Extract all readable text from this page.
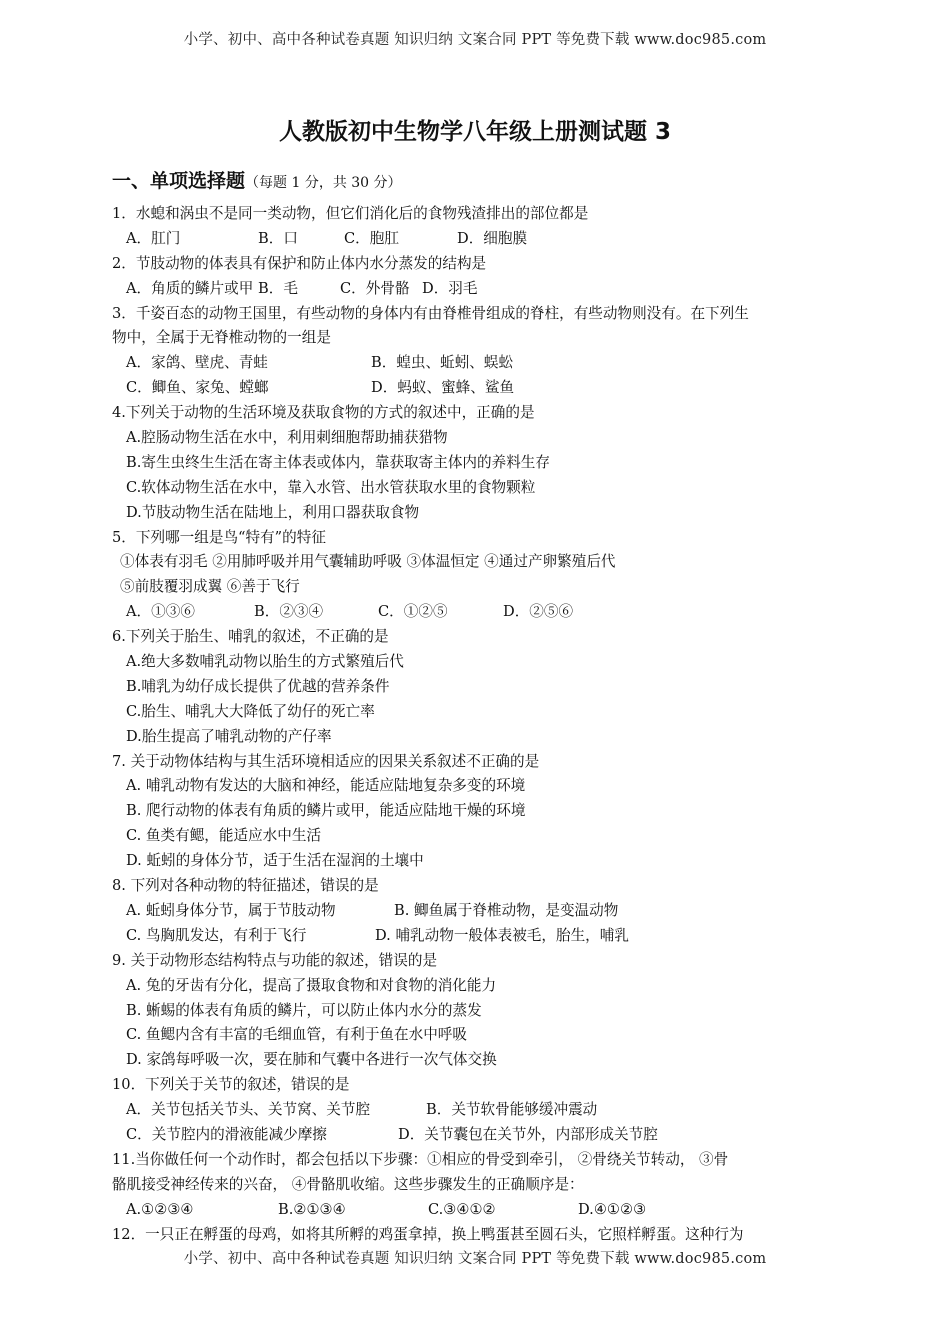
小学、初中、高中各种试卷真题 知识归纳 文案合同 PPT 等免费下载 www.doc985.com
人教版初中生物学八年级上册测试题 3
一、单项选择题（每题 1 分，共 30 分）
1．水螅和涡虫不是同一类动物，但它们消化后的食物残渣排出的部位都是
A．肛门	B．口	C．胞肛	D．细胞膜
2．节肢动物的体表具有保护和防止体内水分蒸发的结构是
A．角质的鳞片或甲 B．毛	C．外骨骼 D．羽毛
3．千姿百态的动物王国里，有些动物的身体内有由脊椎骨组成的脊柱，有些动物则没有。在下列生
物中，全属于无脊椎动物的一组是
A．家鸽、壁虎、青蛙	B．蝗虫、蚯蚓、蜈蚣
C．鲫鱼、家兔、螳螂	D．蚂蚁、蜜蜂、鲨鱼
4.下列关于动物的生活环境及获取食物的方式的叙述中，正确的是
A.腔肠动物生活在水中，利用刺细胞帮助捕获猎物
B.寄生虫终生生活在寄主体表或体内，靠获取寄主体内的养料生存
C.软体动物生活在水中，靠入水管、出水管获取水里的食物颗粒
D.节肢动物生活在陆地上，利用口器获取食物
5．下列哪一组是鸟“特有”的特征
①体表有羽毛 ②用肺呼吸并用气囊辅助呼吸 ③体温恒定 ④通过产卵繁殖后代
⑤前肢覆羽成翼 ⑥善于飞行
A．①③⑥	B．②③④	C．①②⑤	D．②⑤⑥
6.下列关于胎生、哺乳的叙述，不正确的是
A.绝大多数哺乳动物以胎生的方式繁殖后代
B.哺乳为幼仔成长提供了优越的营养条件
C.胎生、哺乳大大降低了幼仔的死亡率
D.胎生提高了哺乳动物的产仔率
7. 关于动物体结构与其生活环境相适应的因果关系叙述不正确的是
A. 哺乳动物有发达的大脑和神经，能适应陆地复杂多变的环境
B. 爬行动物的体表有角质的鳞片或甲，能适应陆地干燥的环境
C. 鱼类有鳃，能适应水中生活
D. 蚯蚓的身体分节，适于生活在湿润的土壤中
8. 下列对各种动物的特征描述，错误的是
A. 蚯蚓身体分节，属于节肢动物	B. 鲫鱼属于脊椎动物，是变温动物
C. 鸟胸肌发达，有利于飞行	D. 哺乳动物一般体表被毛，胎生，哺乳
9. 关于动物形态结构特点与功能的叙述，错误的是
A. 兔的牙齿有分化，提高了摄取食物和对食物的消化能力
B. 蜥蜴的体表有角质的鳞片，可以防止体内水分的蒸发
C. 鱼鳃内含有丰富的毛细血管，有利于鱼在水中呼吸
D. 家鸽每呼吸一次，要在肺和气囊中各进行一次气体交换
10．下列关于关节的叙述，错误的是
A．关节包括关节头、关节窝、关节腔	B．关节软骨能够缓冲震动
C．关节腔内的滑液能减少摩擦	D．关节囊包在关节外，内部形成关节腔
11.当你做任何一个动作时，都会包括以下步骤：①相应的骨受到牵引， ②骨绕关节转动， ③骨
骼肌接受神经传来的兴奋， ④骨骼肌收缩。这些步骤发生的正确顺序是：
A.①②③④	B.②①③④	C.③④①②	D.④①②③
12．一只正在孵蛋的母鸡，如将其所孵的鸡蛋拿掉，换上鸭蛋甚至圆石头，它照样孵蛋。这种行为
小学、初中、高中各种试卷真题 知识归纳 文案合同 PPT 等免费下载 www.doc985.com
